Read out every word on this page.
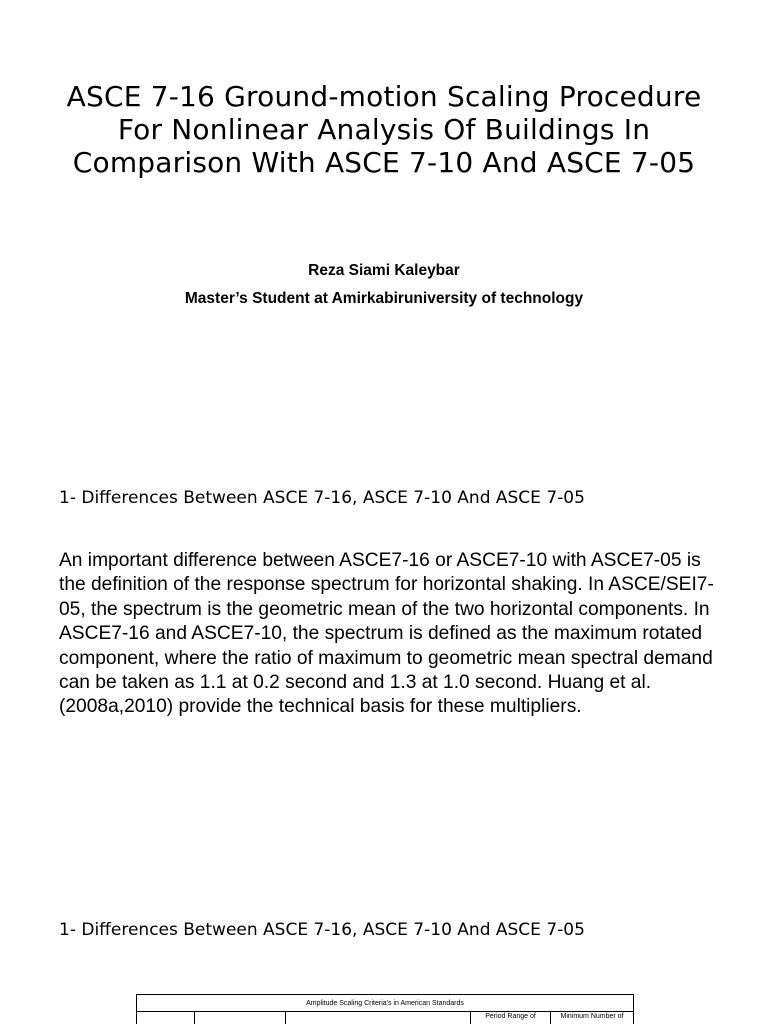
ASCE 7-16 Ground-motion Scaling Procedure For Nonlinear Analysis Of Buildings In Comparison With ASCE 7-10 And ASCE 7-05
Reza Siami Kaleybar
Master’s Student at Amirkabiruniversity of technology
1- Differences Between ASCE 7-16, ASCE 7-10 And ASCE 7-05

An important difference between ASCE7-16 or ASCE7-10 with ASCE7-05 is the definition of the response spectrum for horizontal shaking. In ASCE/SEI7-05, the spectrum is the geometric mean of the two horizontal components. In ASCE7-16 and ASCE7-10, the spectrum is defined as the maximum rotated component, where the ratio of maximum to geometric mean spectral demand can be taken as 1.1 at 0.2 second and 1.3 at 1.0 second. Huang et al.(2008a,2010) provide the technical basis for these multipliers.

1- Differences Between ASCE 7-16, ASCE 7-10 And ASCE 7-05
Amplitude Scaling Criteria's in American Standards
			Period Range of	Minimum Number of
